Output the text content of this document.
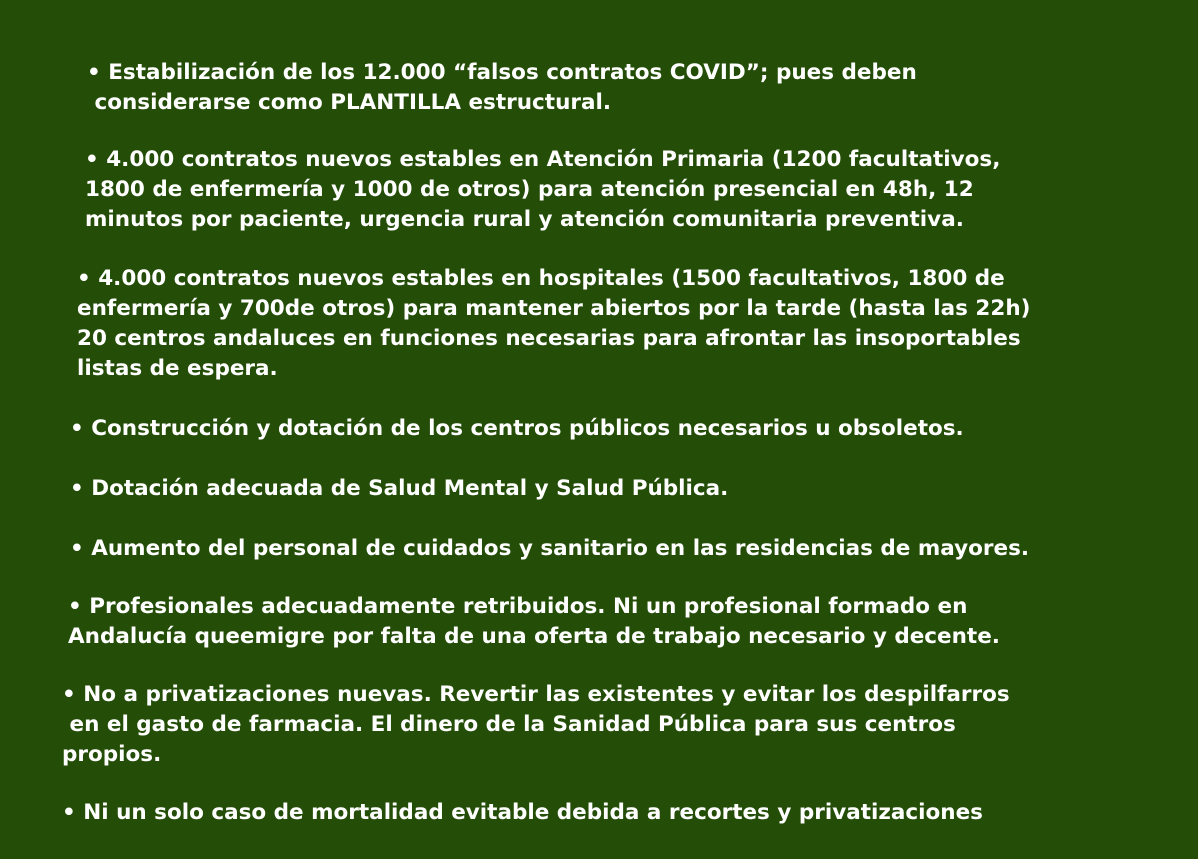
• Estabilización de los 12.000 “falsos contratos COVID”; pues deben
considerarse como PLANTILLA estructural.
• 4.000 contratos nuevos estables en Atención Primaria (1200 facultativos,
1800 de enfermería y 1000 de otros) para atención presencial en 48h, 12
minutos por paciente, urgencia rural y atención comunitaria preventiva.
• 4.000 contratos nuevos estables en hospitales (1500 facultativos, 1800 de
enfermería y 700de otros) para mantener abiertos por la tarde (hasta las 22h)
20 centros andaluces en funciones necesarias para afrontar las insoportables
listas de espera.
• Construcción y dotación de los centros públicos necesarios u obsoletos.
• Dotación adecuada de Salud Mental y Salud Pública.
• Aumento del personal de cuidados y sanitario en las residencias de mayores.
• Profesionales adecuadamente retribuidos. Ni un profesional formado en
Andalucía queemigre por falta de una oferta de trabajo necesario y decente.
• No a privatizaciones nuevas. Revertir las existentes y evitar los despilfarros
en el gasto de farmacia. El dinero de la Sanidad Pública para sus centros
propios.
• Ni un solo caso de mortalidad evitable debida a recortes y privatizaciones
